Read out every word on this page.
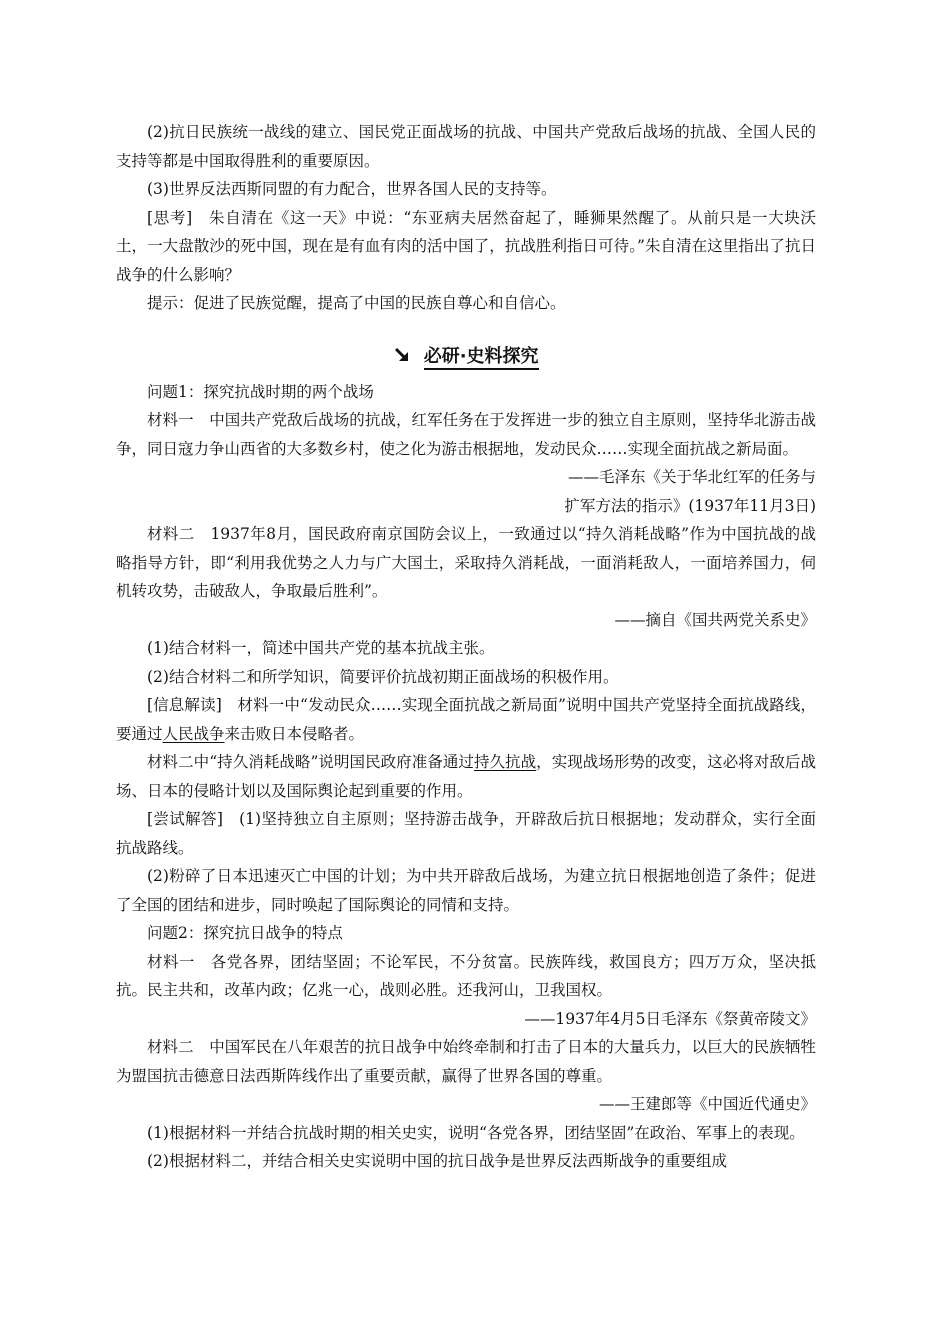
(2)抗日民族统一战线的建立、国民党正面战场的抗战、中国共产党敌后战场的抗战、全国人民的支持等都是中国取得胜利的重要原因。

(3)世界反法西斯同盟的有力配合，世界各国人民的支持等。

[思考]　朱自清在《这一天》中说：“东亚病夫居然奋起了，睡狮果然醒了。从前只是一大块沃土，一大盘散沙的死中国，现在是有血有肉的活中国了，抗战胜利指日可待。”朱自清在这里指出了抗日战争的什么影响？

提示：促进了民族觉醒，提高了中国的民族自尊心和自信心。

必研·史料探究

问题1：探究抗战时期的两个战场

材料一　中国共产党敌后战场的抗战，红军任务在于发挥进一步的独立自主原则，坚持华北游击战争，同日寇力争山西省的大多数乡村，使之化为游击根据地，发动民众……实现全面抗战之新局面。

——毛泽东《关于华北红军的任务与

扩军方法的指示》(1937年11月3日)

材料二　1937年8月，国民政府南京国防会议上，一致通过以“持久消耗战略”作为中国抗战的战略指导方针，即“利用我优势之人力与广大国土，采取持久消耗战，一面消耗敌人，一面培养国力，伺机转攻势，击破敌人，争取最后胜利”。

——摘自《国共两党关系史》

(1)结合材料一，简述中国共产党的基本抗战主张。

(2)结合材料二和所学知识，简要评价抗战初期正面战场的积极作用。

[信息解读]　材料一中“发动民众……实现全面抗战之新局面”说明中国共产党坚持全面抗战路线，要通过人民战争来击败日本侵略者。

材料二中“持久消耗战略”说明国民政府准备通过持久抗战，实现战场形势的改变，这必将对敌后战场、日本的侵略计划以及国际舆论起到重要的作用。

[尝试解答]　(1)坚持独立自主原则；坚持游击战争，开辟敌后抗日根据地；发动群众，实行全面抗战路线。

(2)粉碎了日本迅速灭亡中国的计划；为中共开辟敌后战场，为建立抗日根据地创造了条件；促进了全国的团结和进步，同时唤起了国际舆论的同情和支持。

问题2：探究抗日战争的特点

材料一　各党各界，团结坚固；不论军民，不分贫富。民族阵线，救国良方；四万万众，坚决抵抗。民主共和，改革内政；亿兆一心，战则必胜。还我河山，卫我国权。

——1937年4月5日毛泽东《祭黄帝陵文》

材料二　中国军民在八年艰苦的抗日战争中始终牵制和打击了日本的大量兵力，以巨大的民族牺牲为盟国抗击德意日法西斯阵线作出了重要贡献，赢得了世界各国的尊重。

——王建郎等《中国近代通史》

(1)根据材料一并结合抗战时期的相关史实，说明“各党各界，团结坚固”在政治、军事上的表现。

(2)根据材料二，并结合相关史实说明中国的抗日战争是世界反法西斯战争的重要组成
